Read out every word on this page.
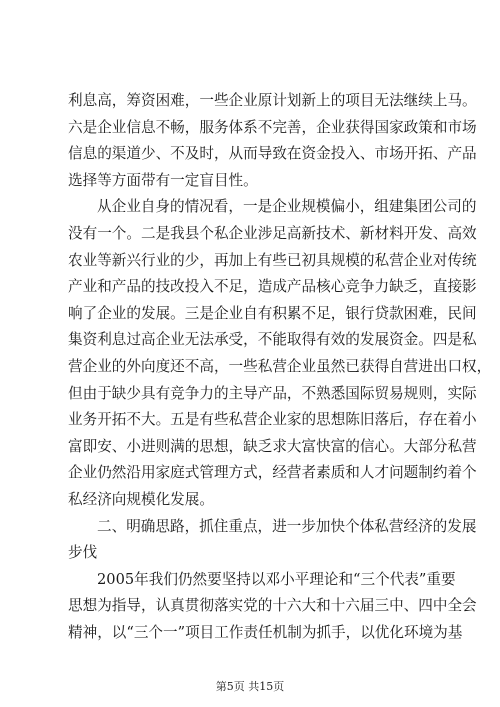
利息高，筹资困难，一些企业原计划新上的项目无法继续上马。
六是企业信息不畅，服务体系不完善，企业获得国家政策和市场
信息的渠道少、不及时，从而导致在资金投入、市场开拓、产品
选择等方面带有一定盲目性。
从企业自身的情况看，一是企业规模偏小，组建集团公司的
没有一个。二是我县个私企业涉足高新技术、新材料开发、高效
农业等新兴行业的少，再加上有些已初具规模的私营企业对传统
产业和产品的技改投入不足，造成产品核心竞争力缺乏，直接影
响了企业的发展。三是企业自有积累不足，银行贷款困难，民间
集资利息过高企业无法承受，不能取得有效的发展资金。四是私
营企业的外向度还不高，一些私营企业虽然已获得自营进出口权，
但由于缺少具有竞争力的主导产品，不熟悉国际贸易规则，实际
业务开拓不大。五是有些私营企业家的思想陈旧落后，存在着小
富即安、小进则满的思想，缺乏求大富快富的信心。大部分私营
企业仍然沿用家庭式管理方式，经营者素质和人才问题制约着个
私经济向规模化发展。
二、明确思路，抓住重点，进一步加快个体私营经济的发展
步伐
2005年我们仍然要坚持以邓小平理论和“三个代表”重要
思想为指导，认真贯彻落实党的十六大和十六届三中、四中全会
精神，以“三个一”项目工作责任机制为抓手，以优化环境为基
第5页 共15页
